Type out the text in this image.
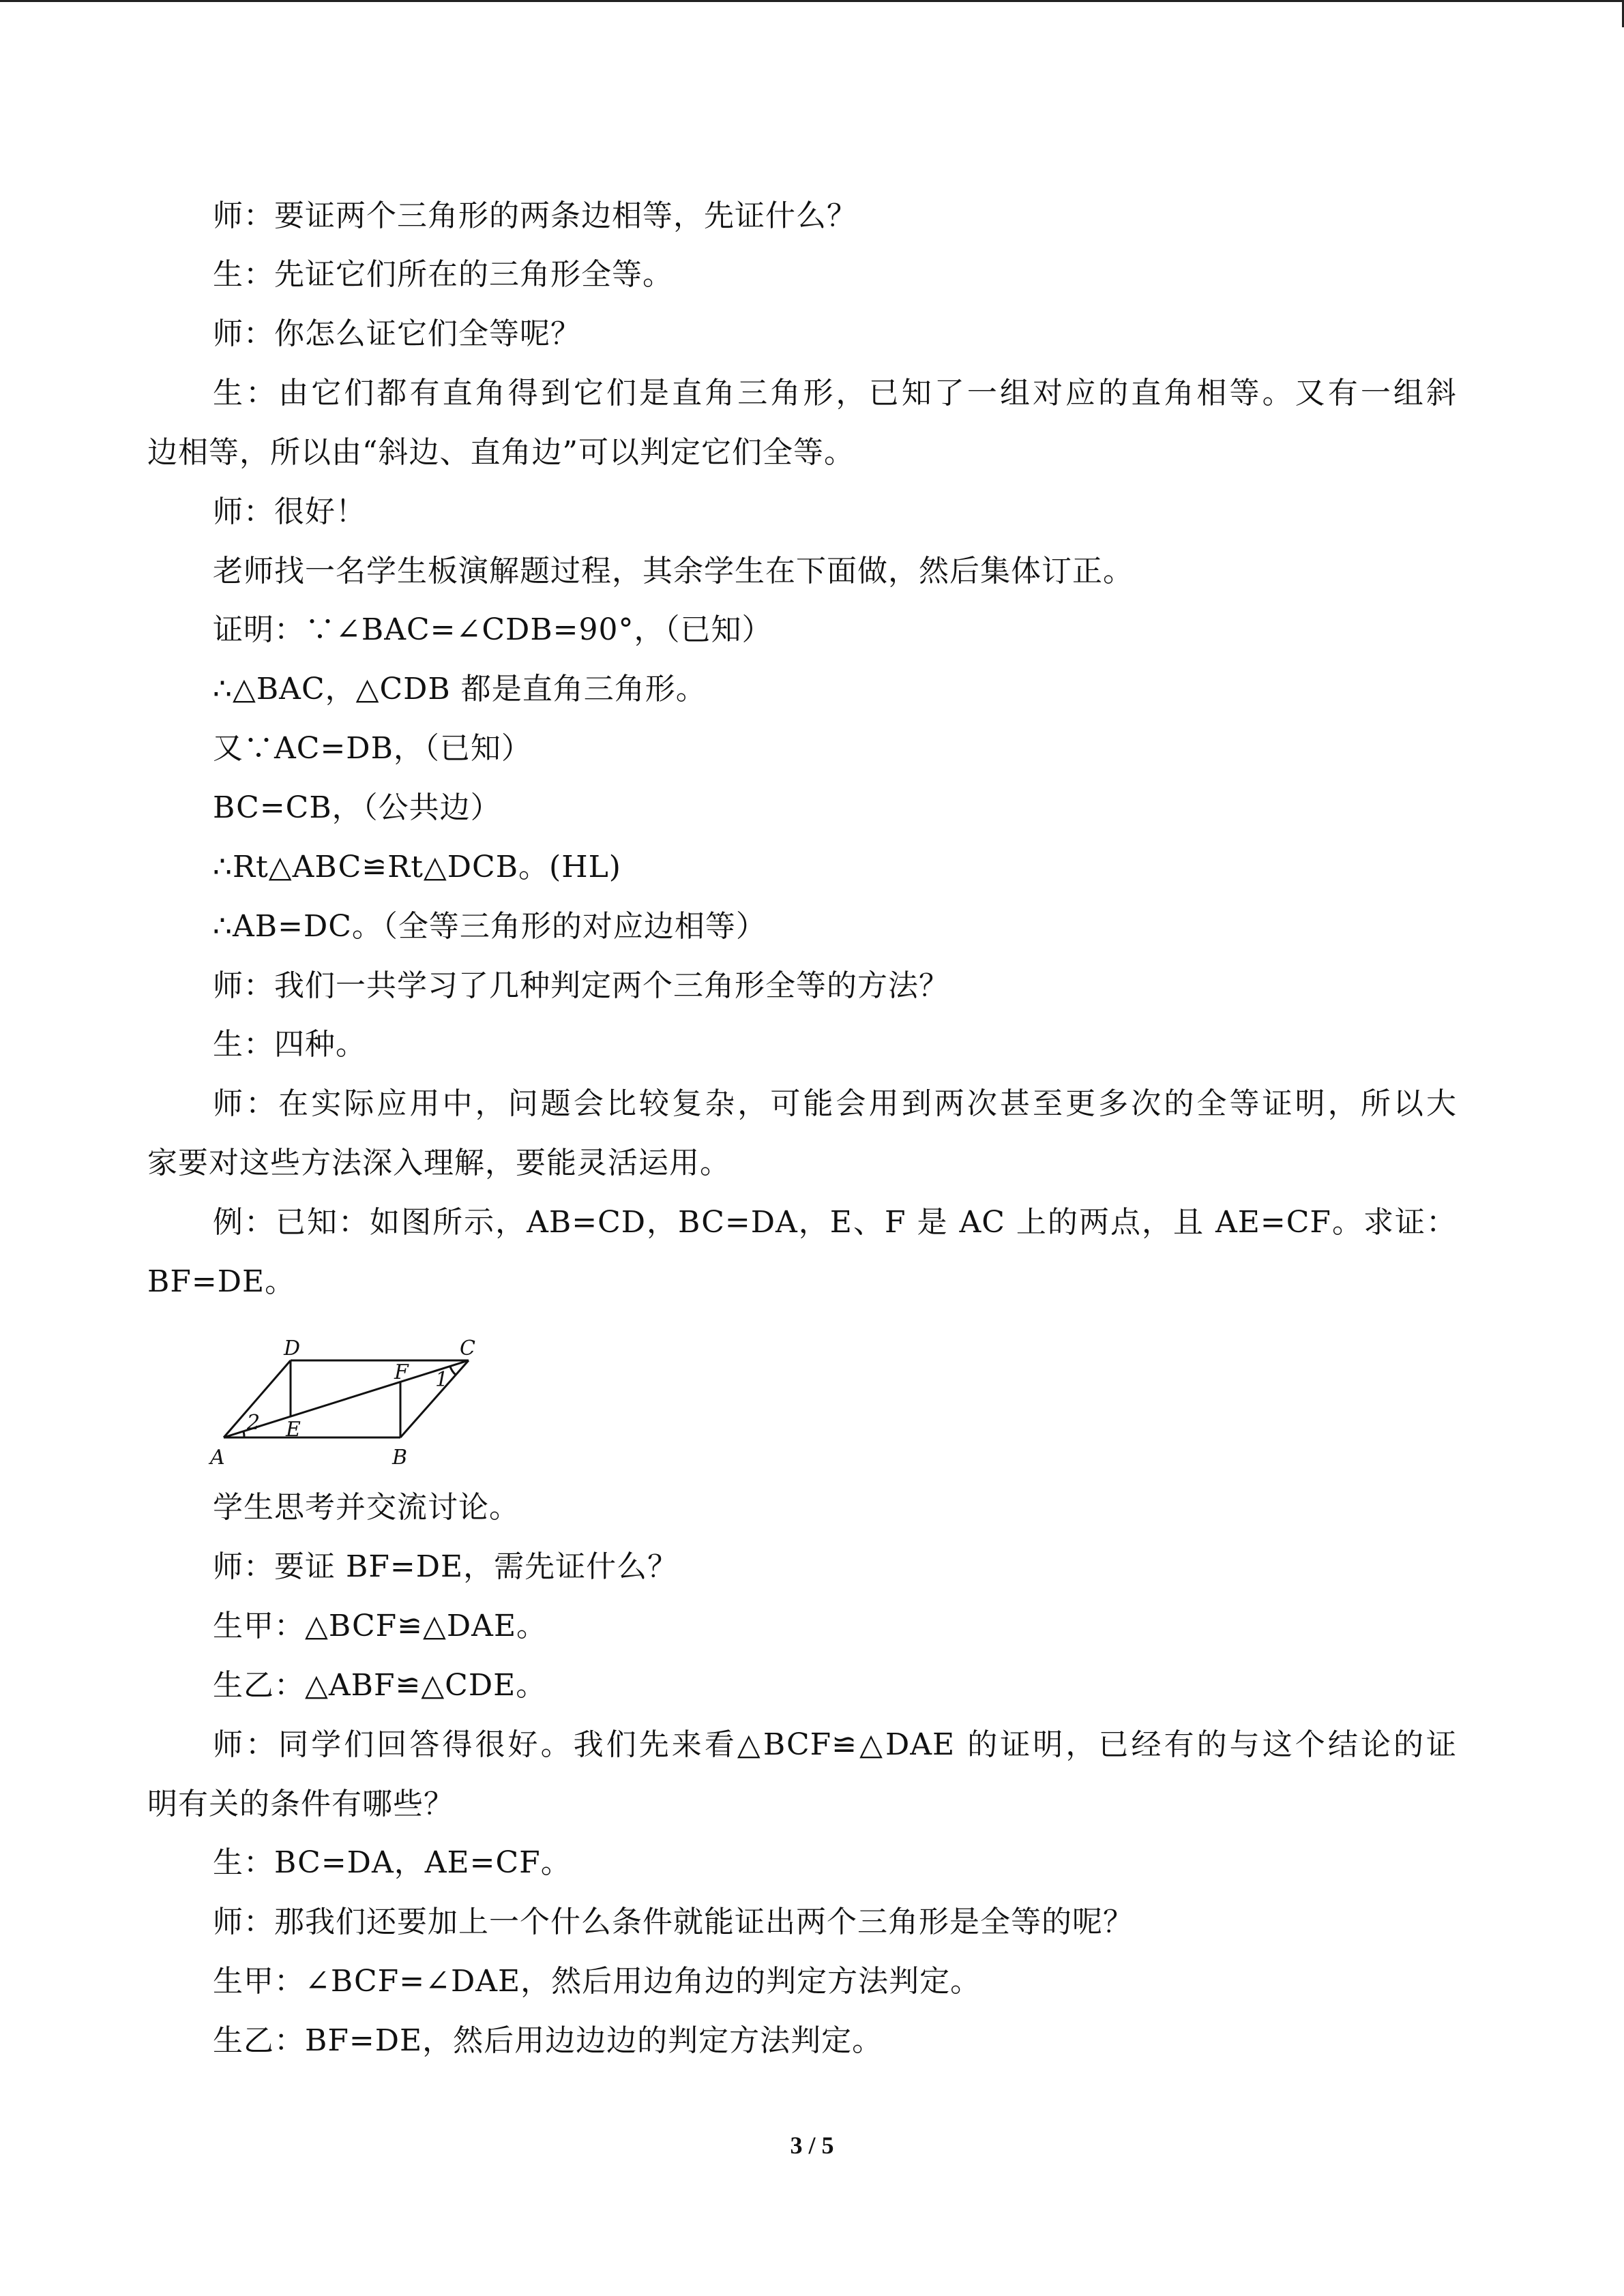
师：要证两个三角形的两条边相等，先证什么？
生：先证它们所在的三角形全等。
师：你怎么证它们全等呢？
生：由它们都有直角得到它们是直角三角形，已知了一组对应的直角相等。又有一组斜
边相等，所以由“斜边、直角边”可以判定它们全等。
师：很好！
老师找一名学生板演解题过程，其余学生在下面做，然后集体订正。
证明：∵∠BAC=∠CDB=90°，（已知）
∴△BAC，△CDB 都是直角三角形。
又∵AC=DB，（已知）
BC=CB，（公共边）
∴Rt△ABC≌Rt△DCB。(HL)
∴AB=DC。（全等三角形的对应边相等）
师：我们一共学习了几种判定两个三角形全等的方法？
生：四种。
师：在实际应用中，问题会比较复杂，可能会用到两次甚至更多次的全等证明，所以大
家要对这些方法深入理解，要能灵活运用。
例：已知：如图所示，AB=CD，BC=DA，E、F 是 AC 上的两点，且 AE=CF。求证：
BF=DE。
A	B
C
D
E
F 1
2
学生思考并交流讨论。
师：要证 BF=DE，需先证什么？
生甲：△BCF≌△DAE。
生乙：△ABF≌△CDE。
师：同学们回答得很好。我们先来看△BCF≌△DAE 的证明，已经有的与这个结论的证
明有关的条件有哪些？
生：BC=DA，AE=CF。
师：那我们还要加上一个什么条件就能证出两个三角形是全等的呢？
生甲：∠BCF=∠DAE，然后用边角边的判定方法判定。
生乙：BF=DE，然后用边边边的判定方法判定。
3 / 5
